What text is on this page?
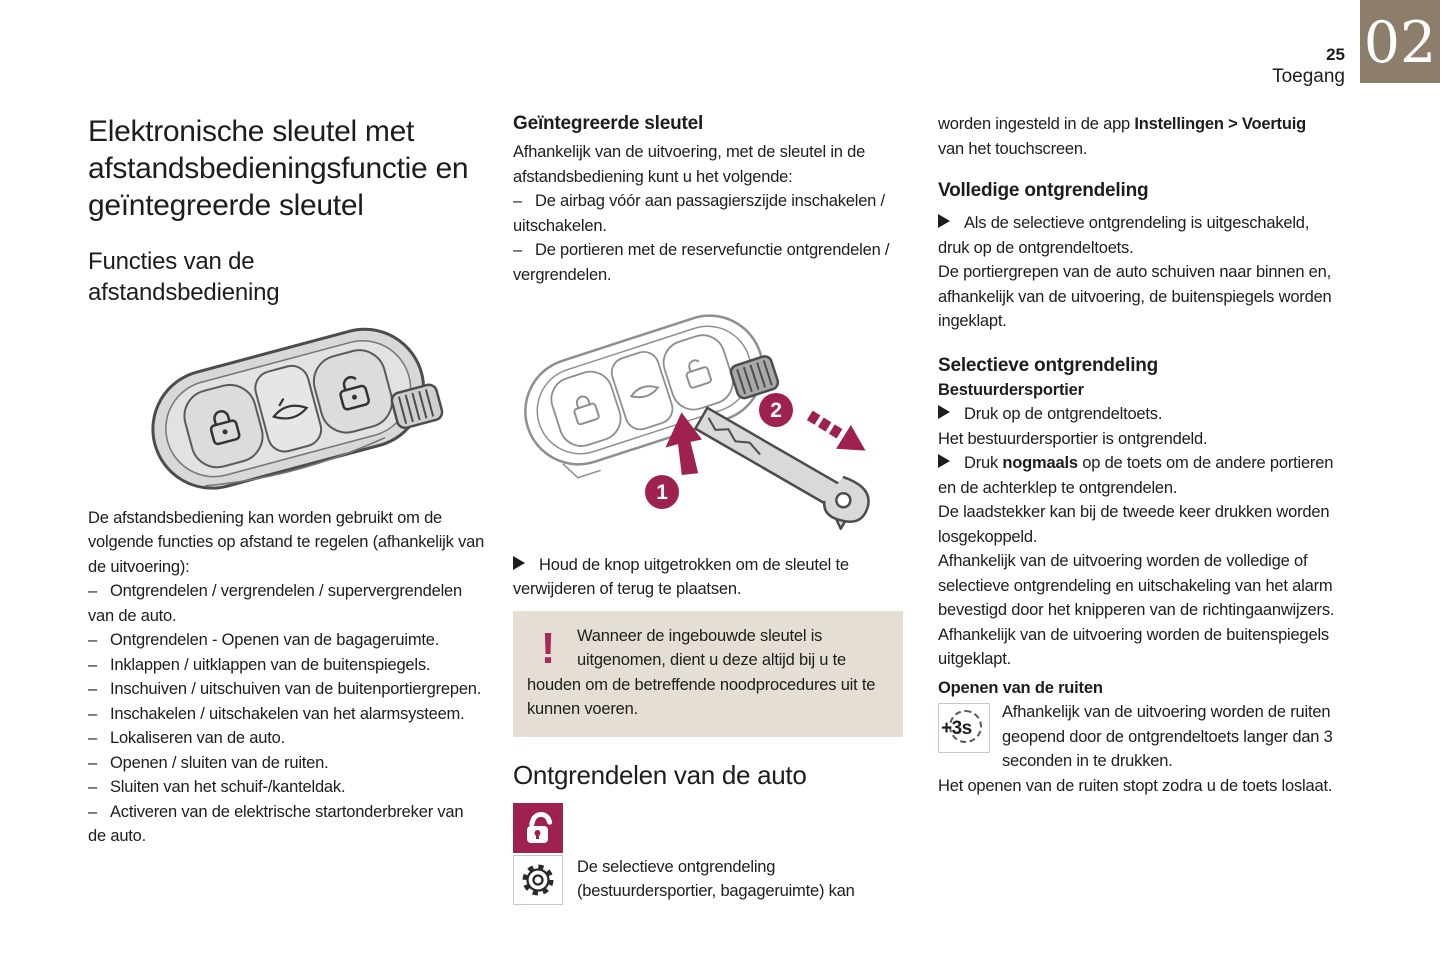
02
25
Toegang
Elektronische sleutel met afstandsbedieningsfunctie en geïntegreerde sleutel
Functies van de afstandsbediening

De afstandsbediening kan worden gebruikt om de volgende functies op afstand te regelen (afhankelijk van de uitvoering):

– Ontgrendelen / vergrendelen / supervergrendelen van de auto.

– Ontgrendelen - Openen van de bagageruimte.

– Inklappen / uitklappen van de buitenspiegels.

– Inschuiven / uitschuiven van de buitenportiergrepen.

– Inschakelen / uitschakelen van het alarmsysteem.

– Lokaliseren van de auto.

– Openen / sluiten van de ruiten.

– Sluiten van het schuif-/kanteldak.

– Activeren van de elektrische startonderbreker van de auto.

Geïntegreerde sleutel

Afhankelijk van de uitvoering, met de sleutel in de afstandsbediening kunt u het volgende:

– De airbag vóór aan passagierszijde inschakelen / uitschakelen.

– De portieren met de reservefunctie ontgrendelen / vergrendelen.

1
2

Houd de knop uitgetrokken om de sleutel te verwijderen of terug te plaatsen.

!	Wanneer de ingebouwde sleutel is uitgenomen, dient u deze altijd bij u te houden om de betreffende noodprocedures uit te kunnen voeren.

Ontgrendelen van de auto

De selectieve ontgrendeling (bestuurdersportier, bagageruimte) kan

worden ingesteld in de app Instellingen > Voertuig van het touchscreen.

Volledige ontgrendeling

Als de selectieve ontgrendeling is uitgeschakeld, druk op de ontgrendeltoets.

De portiergrepen van de auto schuiven naar binnen en, afhankelijk van de uitvoering, de buitenspiegels worden ingeklapt.

Selectieve ontgrendeling
Bestuurdersportier

Druk op de ontgrendeltoets.

Het bestuurdersportier is ontgrendeld.

Druk nogmaals op de toets om de andere portieren en de achterklep te ontgrendelen.

De laadstekker kan bij de tweede keer drukken worden losgekoppeld.

Afhankelijk van de uitvoering worden de volledige of selectieve ontgrendeling en uitschakeling van het alarm bevestigd door het knipperen van de richtingaanwijzers.

Afhankelijk van de uitvoering worden de buitenspiegels uitgeklapt.

Openen van de ruiten
+3s

Afhankelijk van de uitvoering worden de ruiten geopend door de ontgrendeltoets langer dan 3 seconden in te drukken.

Het openen van de ruiten stopt zodra u de toets loslaat.
